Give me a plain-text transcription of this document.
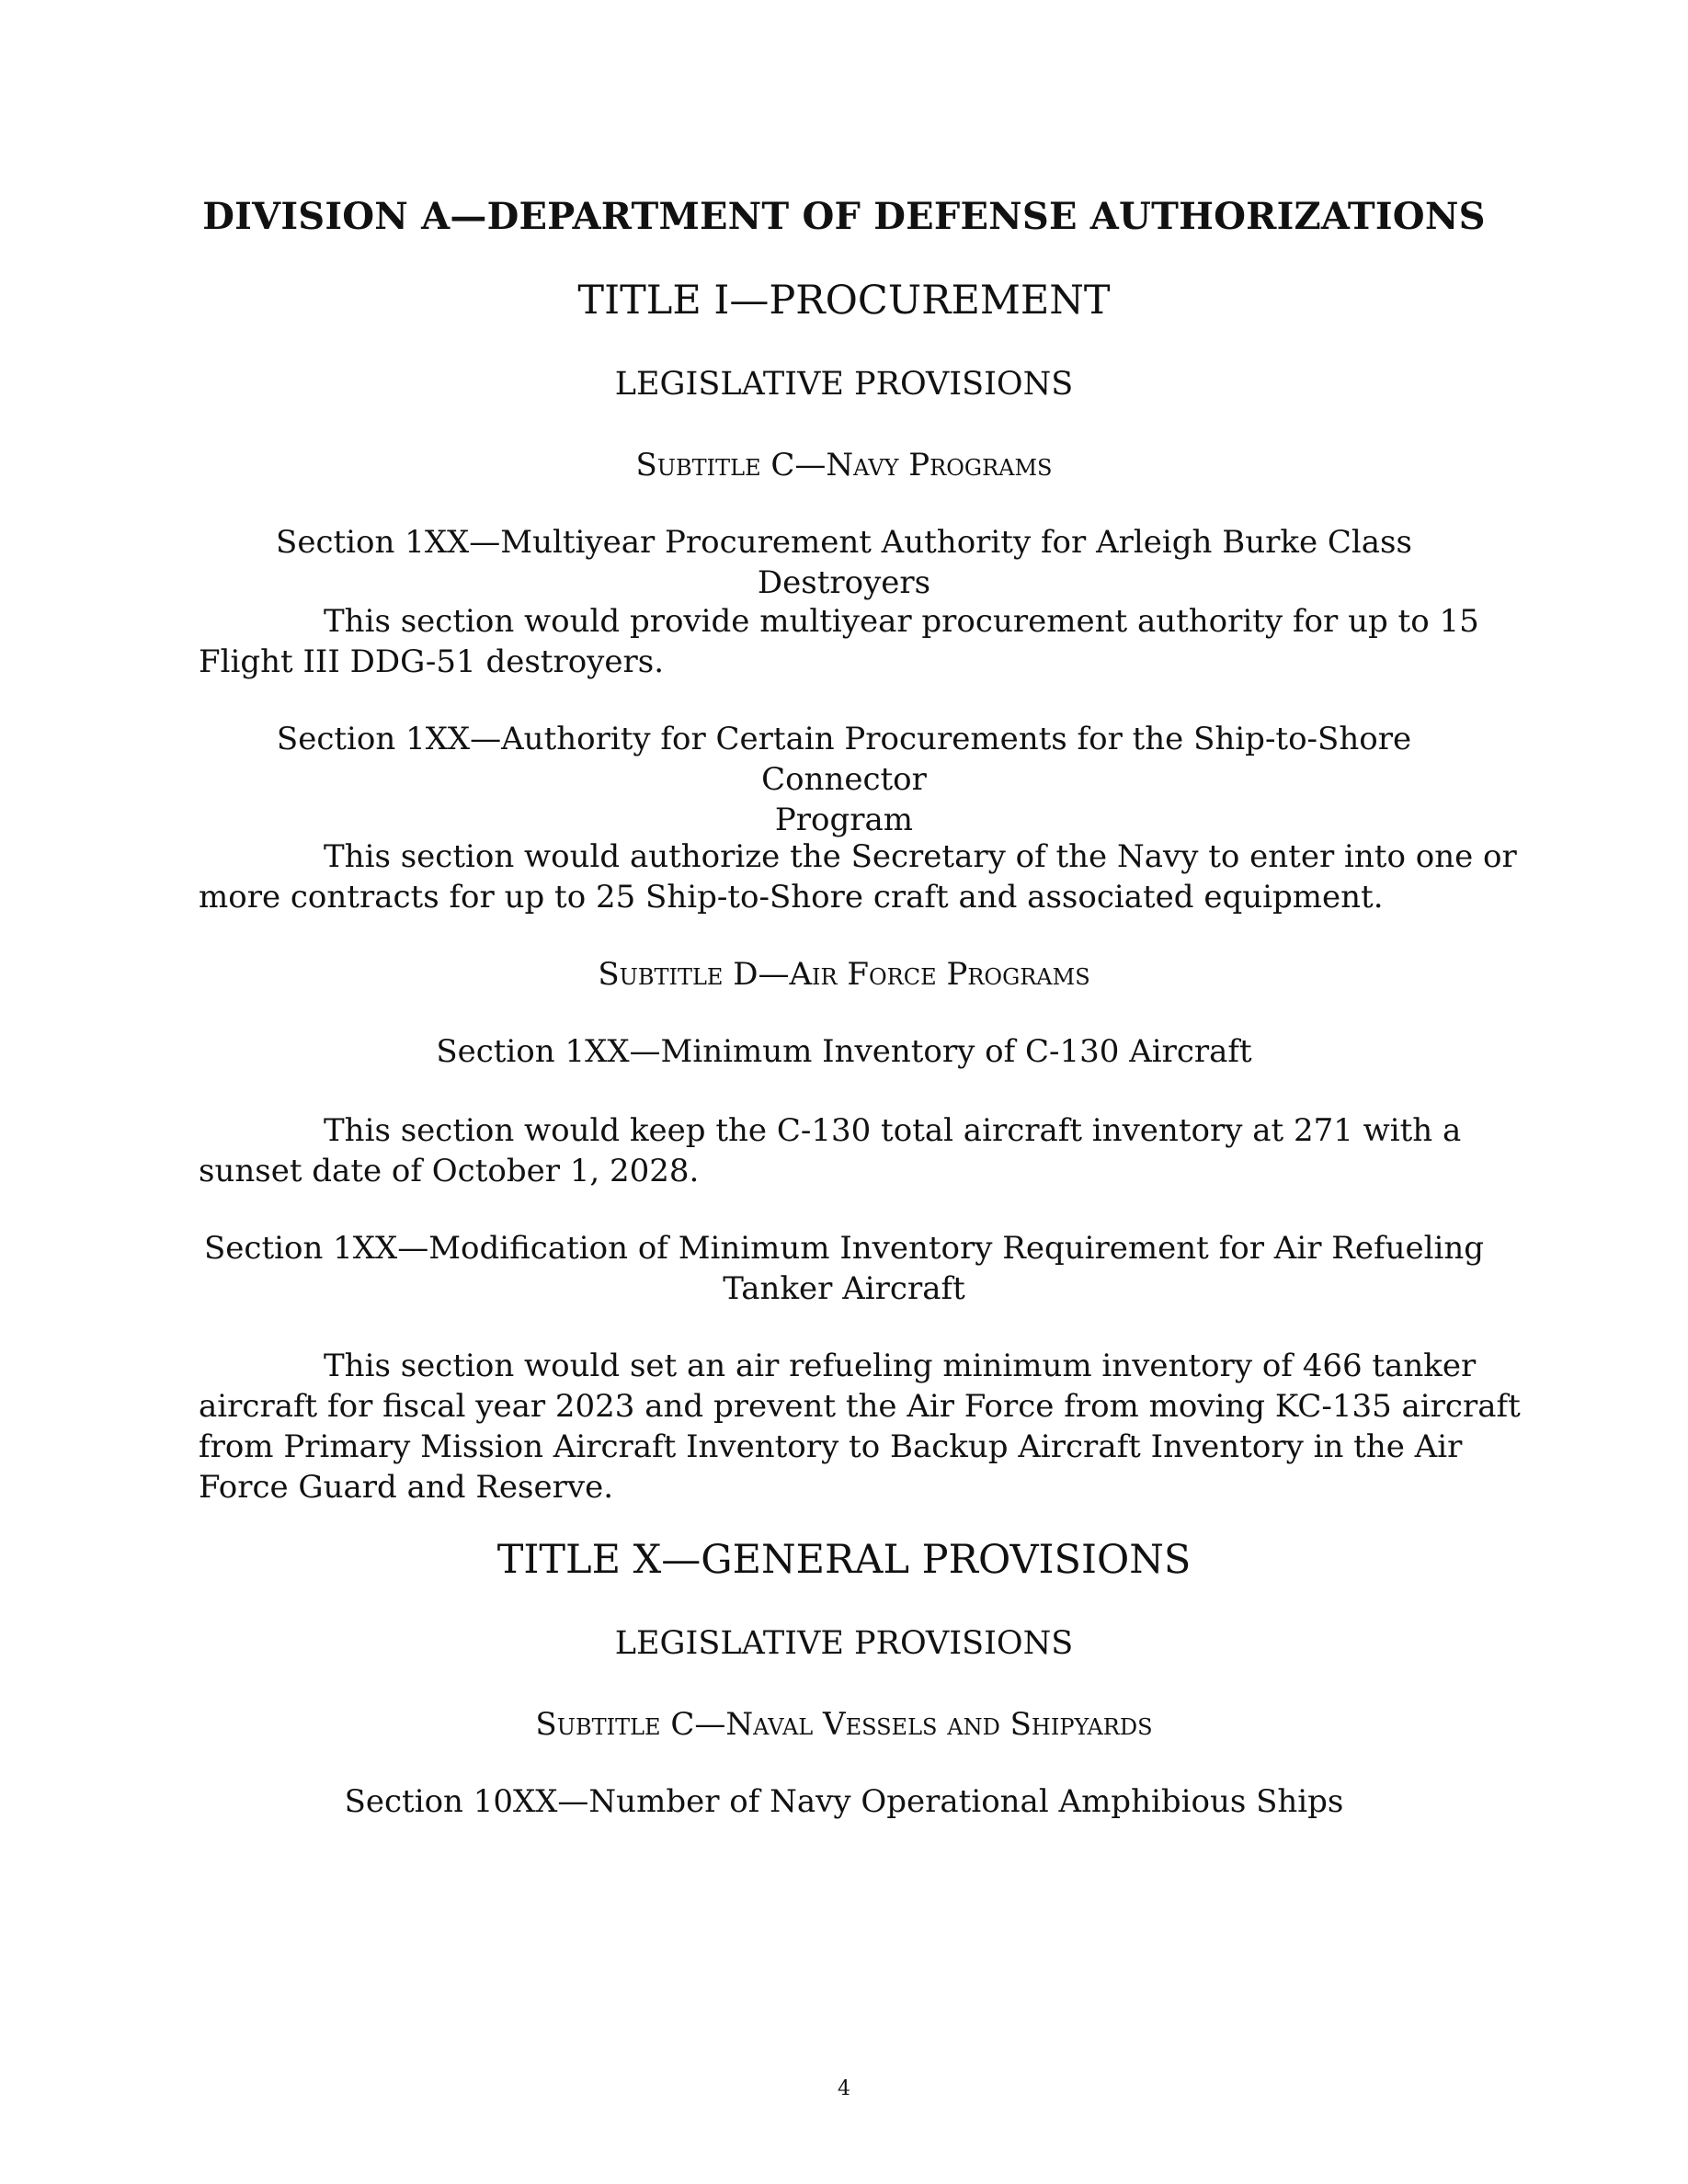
DIVISION A—DEPARTMENT OF DEFENSE AUTHORIZATIONS
TITLE I—PROCUREMENT
LEGISLATIVE PROVISIONS
Subtitle C—Navy Programs
Section 1XX—Multiyear Procurement Authority for Arleigh Burke Class Destroyers
This section would provide multiyear procurement authority for up to 15
Flight III DDG-51 destroyers.
Section 1XX—Authority for Certain Procurements for the Ship-to-Shore Connector
Program
This section would authorize the Secretary of the Navy to enter into one or
more contracts for up to 25 Ship-to-Shore craft and associated equipment.
Subtitle D—Air Force Programs
Section 1XX—Minimum Inventory of C-130 Aircraft
This section would keep the C-130 total aircraft inventory at 271 with a
sunset date of October 1, 2028.
Section 1XX—Modification of Minimum Inventory Requirement for Air Refueling
Tanker Aircraft
This section would set an air refueling minimum inventory of 466 tanker
aircraft for fiscal year 2023 and prevent the Air Force from moving KC-135 aircraft
from Primary Mission Aircraft Inventory to Backup Aircraft Inventory in the Air
Force Guard and Reserve.
TITLE X—GENERAL PROVISIONS
LEGISLATIVE PROVISIONS
Subtitle C—Naval Vessels and Shipyards
Section 10XX—Number of Navy Operational Amphibious Ships
4
